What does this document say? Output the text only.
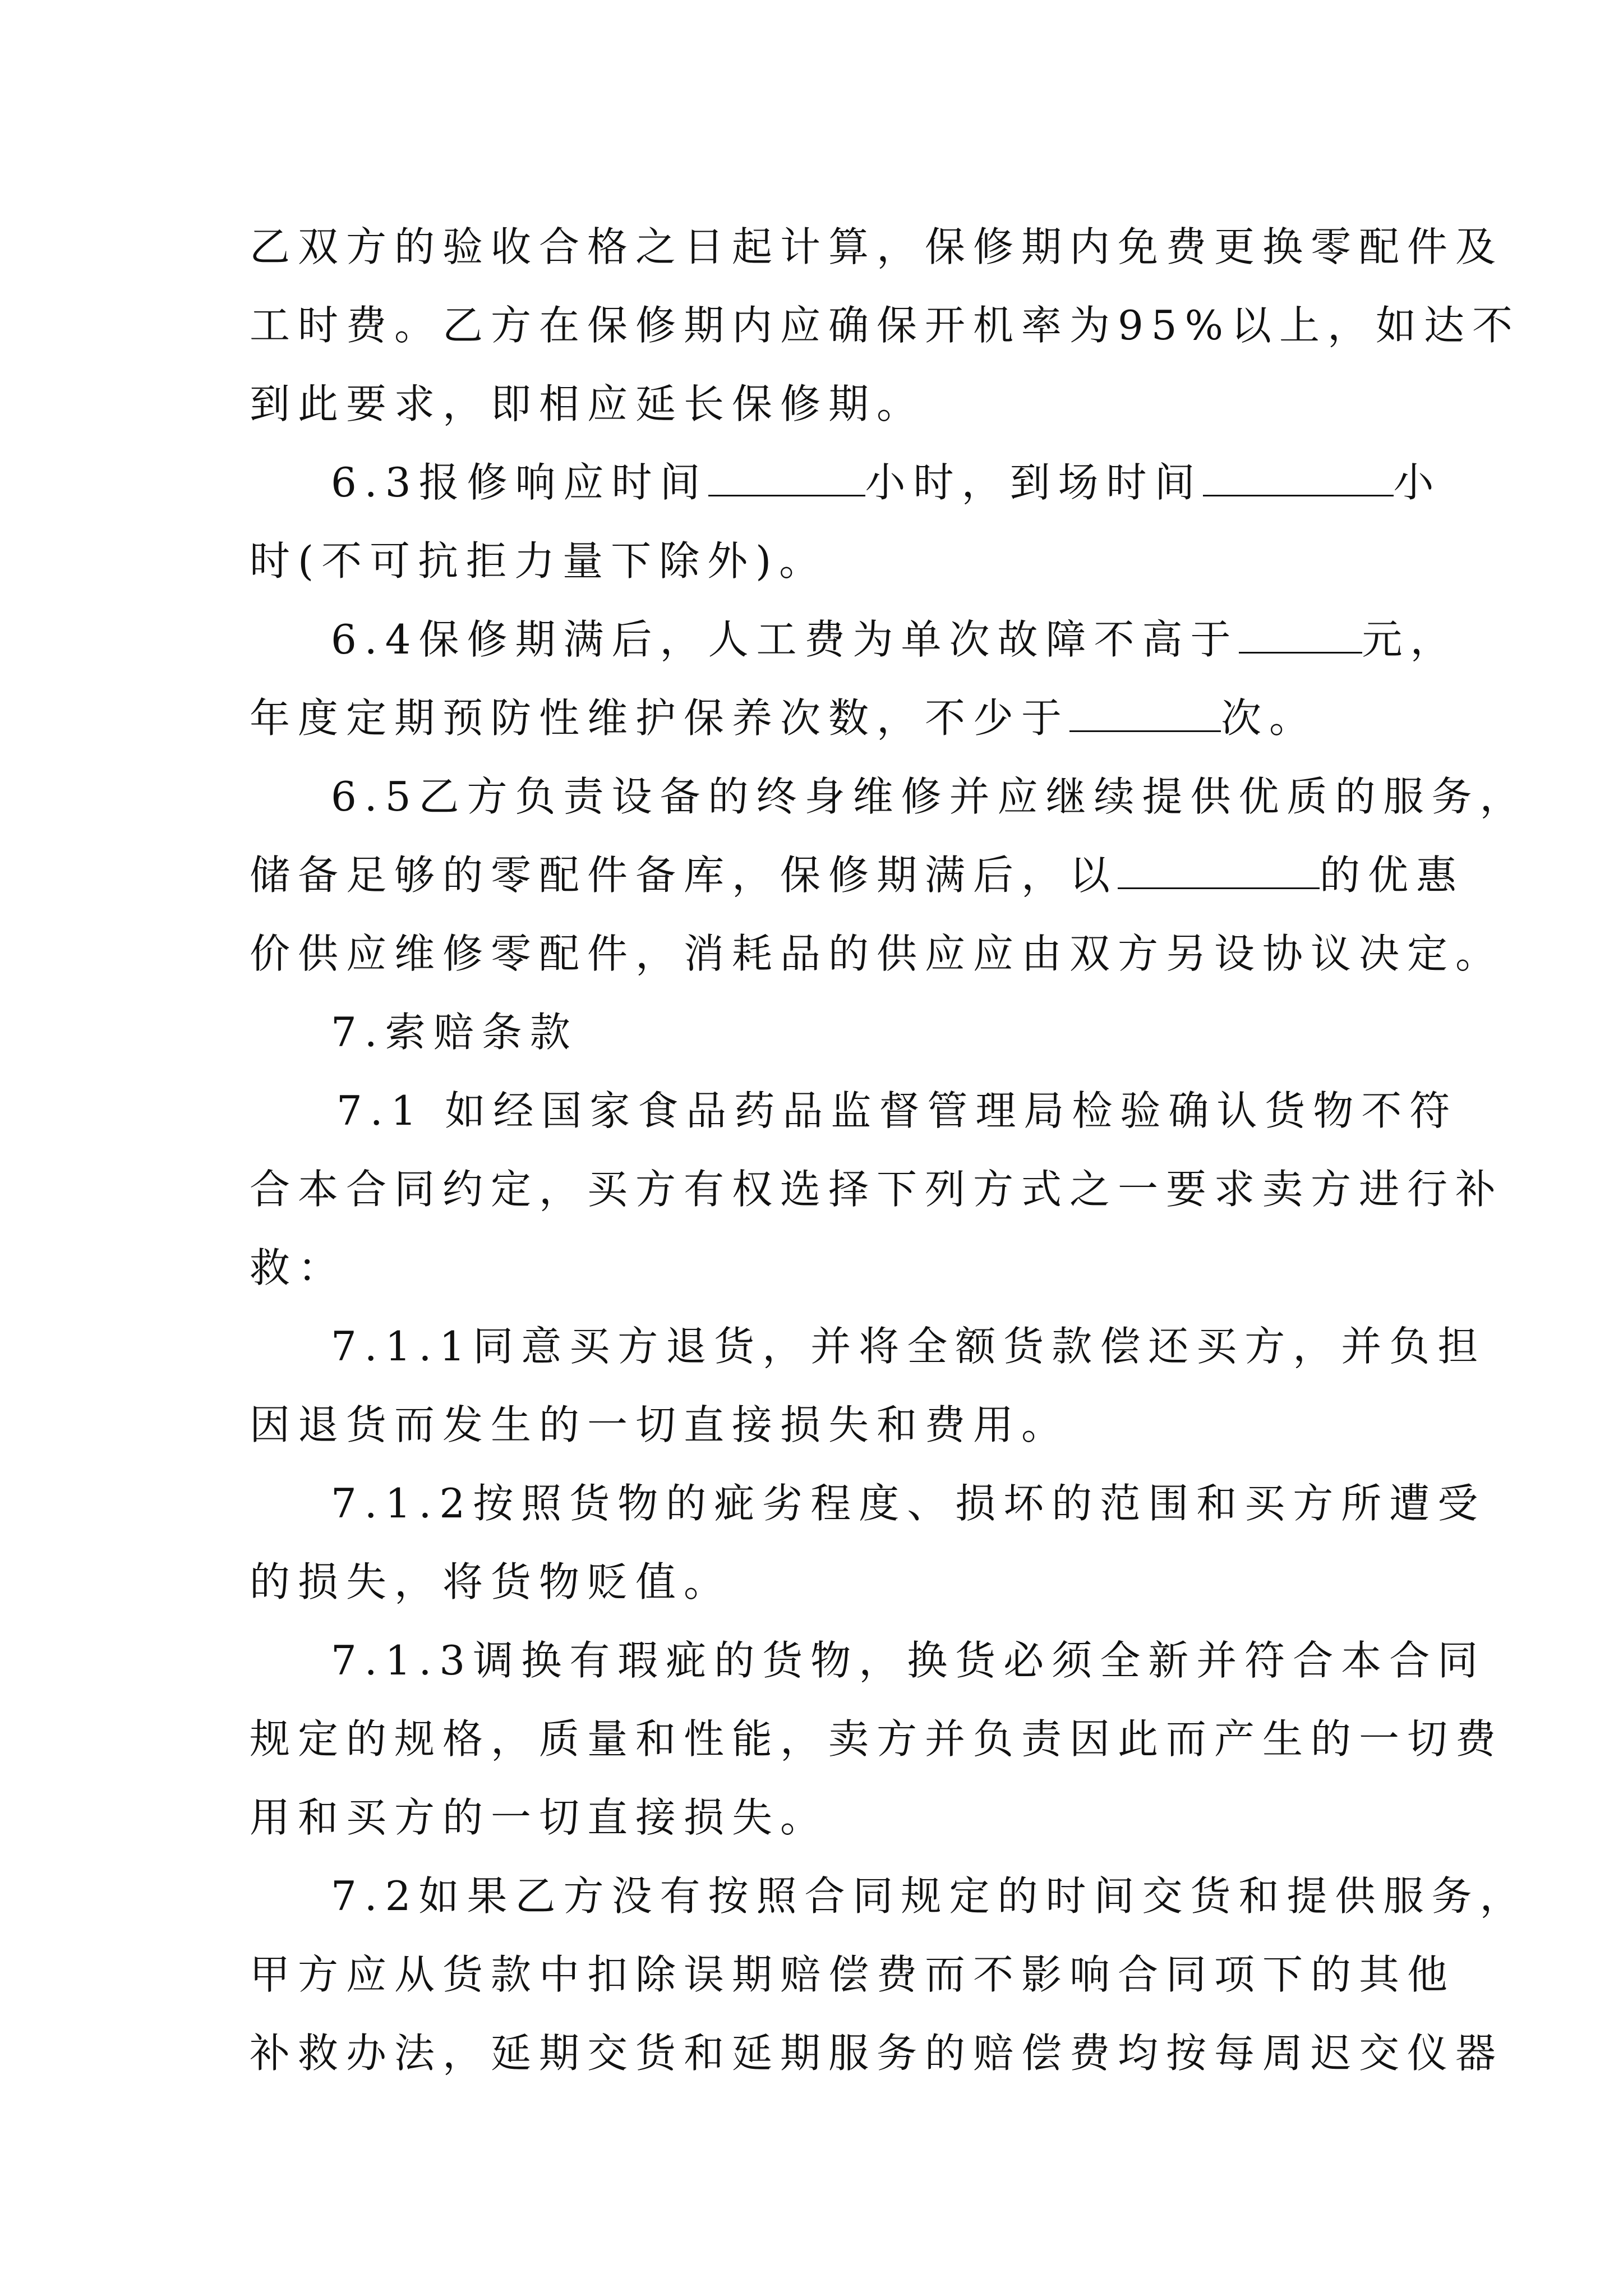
乙双方的验收合格之日起计算，保修期内免费更换零配件及
工时费。乙方在保修期内应确保开机率为95%以上，如达不
到此要求，即相应延长保修期。
6.3报修响应时间	小时，到场时间	小
时(不可抗拒力量下除外)。
6.4保修期满后，人工费为单次故障不高于	元，
年度定期预防性维护保养次数，不少于	次。
6.5乙方负责设备的终身维修并应继续提供优质的服务，
储备足够的零配件备库，保修期满后，以	的优惠
价供应维修零配件，消耗品的供应应由双方另设协议决定。
7.索赔条款
7.1 如经国家食品药品监督管理局检验确认货物不符
合本合同约定，买方有权选择下列方式之一要求卖方进行补
救：
7.1.1同意买方退货，并将全额货款偿还买方，并负担
因退货而发生的一切直接损失和费用。
7.1.2按照货物的疵劣程度、损坏的范围和买方所遭受
的损失，将货物贬值。
7.1.3调换有瑕疵的货物，换货必须全新并符合本合同
规定的规格，质量和性能，卖方并负责因此而产生的一切费
用和买方的一切直接损失。
7.2如果乙方没有按照合同规定的时间交货和提供服务，
甲方应从货款中扣除误期赔偿费而不影响合同项下的其他
补救办法，延期交货和延期服务的赔偿费均按每周迟交仪器
